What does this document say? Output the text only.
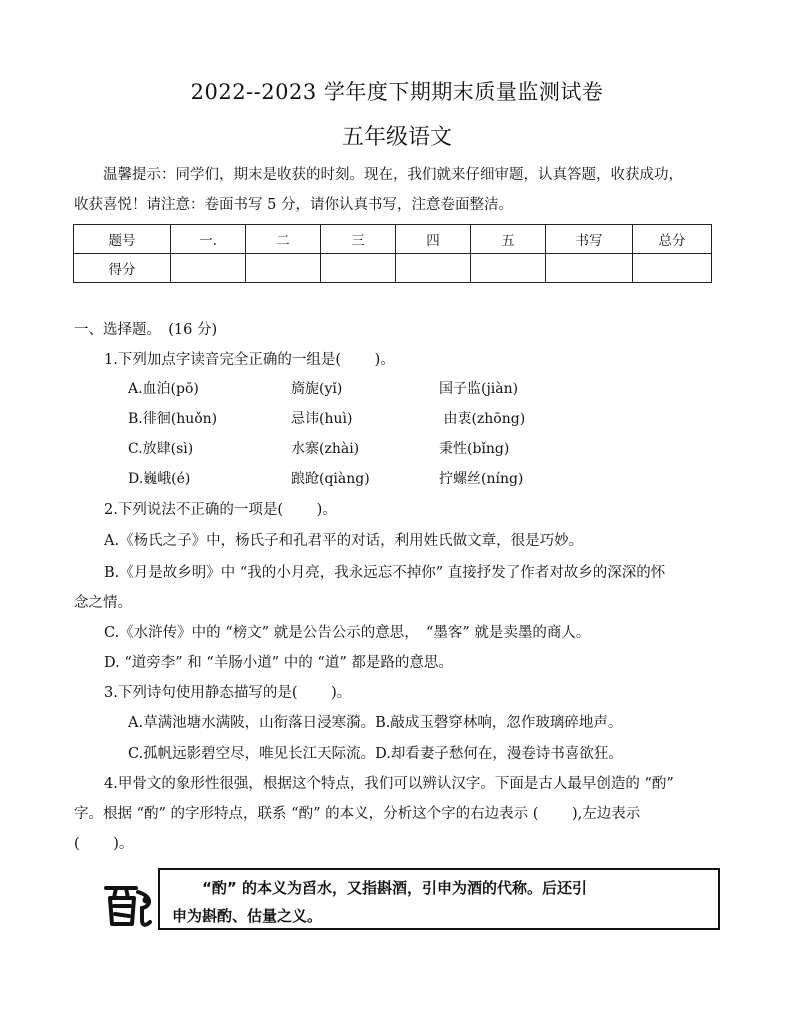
2022--2023 学年度下期期末质量监测试卷
五年级语文
温馨提示：同学们，期末是收获的时刻。现在，我们就来仔细审题，认真答题，收获成功，
收获喜悦！请注意：卷面书写 5 分，请你认真书写，注意卷面整洁。
题号	一.	二	三	四	五	书写	总分
得分							
一、选择题。　(16 分)
1.下列加点字读音完全正确的一组是(　　 )。
A.血泊(pō)	旖旎(yǐ)	国子监(jiàn)
B.徘徊(huǒn)	忌讳(huì)	由衷(zhōng)
C.放肆(sì)	水寨(zhài)	秉性(bǐng)
D.巍峨(é)	踉跄(qiàng)	拧螺丝(níng)
2.下列说法不正确的一项是(　　 )。
A.《杨氏之子》中，杨氏子和孔君平的对话，利用姓氏做文章，很是巧妙。
B.《月是故乡明》中 “我的小月亮，我永远忘不掉你” 直接抒发了作者对故乡的深深的怀
念之情。
C.《水浒传》中的 “榜文” 就是公告公示的意思，　“墨客” 就是卖墨的商人。
D. “道旁李” 和 “羊肠小道” 中的 “道” 都是路的意思。
3.下列诗句使用静态描写的是(　　 )。
A.草满池塘水满陂，山衔落日浸寒漪。B.敲成玉磬穿林响，忽作玻璃碎地声。
C.孤帆远影碧空尽，唯见长江天际流。D.却看妻子愁何在，漫卷诗书喜欲狂。
4.甲骨文的象形性很强，根据这个特点，我们可以辨认汉字。下面是古人最早创造的 “酌”
字。根据 “酌” 的字形特点，联系 “酌” 的本义，分析这个字的右边表示 (　　 ),左边表示
(　　 )。
“酌” 的本义为舀水，又指斟酒，引申为酒的代称。后还引
申为斟酌、估量之义。
